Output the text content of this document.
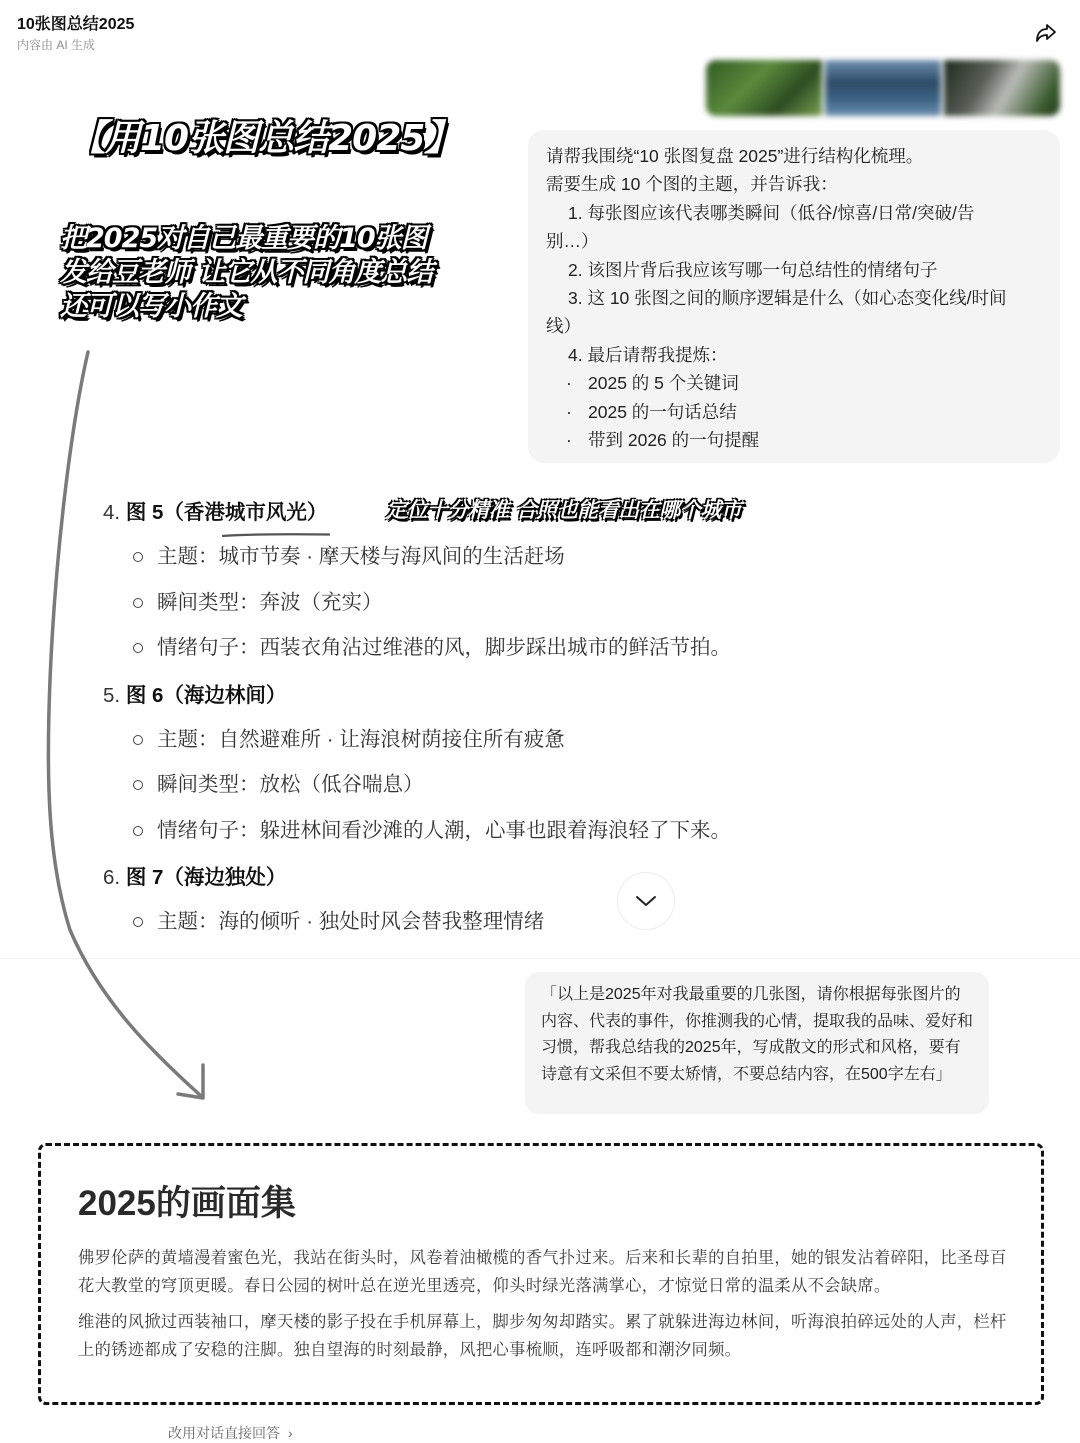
10张图总结2025
内容由 AI 生成
【用10张图总结2025】
把2025对自己最重要的10张图
发给豆老师 让它从不同角度总结
还可以写小作文
请帮我围绕“10 张图复盘 2025”进行结构化梳理。
需要生成 10 个图的主题，并告诉我：
1. 每张图应该代表哪类瞬间（低谷/惊喜/日常/突破/告
别…）
2. 该图片背后我应该写哪一句总结性的情绪句子
3. 这 10 张图之间的顺序逻辑是什么（如心态变化线/时间
线）
4. 最后请帮我提炼：
· 2025 的 5 个关键词
· 2025 的一句话总结
· 带到 2026 的一句提醒
定位十分精准 合照也能看出在哪个城市
4. 图 5（香港城市风光）
主题：城市节奏 · 摩天楼与海风间的生活赶场
瞬间类型：奔波（充实）
情绪句子：西装衣角沾过维港的风，脚步踩出城市的鲜活节拍。
5. 图 6（海边林间）
主题：自然避难所 · 让海浪树荫接住所有疲惫
瞬间类型：放松（低谷喘息）
情绪句子：躲进林间看沙滩的人潮，心事也跟着海浪轻了下来。
6. 图 7（海边独处）
主题：海的倾听 · 独处时风会替我整理情绪
「以上是2025年对我最重要的几张图，请你根据每张图片的内容、代表的事件，你推测我的心情，提取我的品味、爱好和习惯，帮我总结我的2025年，写成散文的形式和风格，要有诗意有文采但不要太矫情，不要总结内容，在500字左右」
2025的画面集

佛罗伦萨的黄墙漫着蜜色光，我站在街头时，风卷着油橄榄的香气扑过来。后来和长辈的自拍里，她的银发沾着碎阳，比圣母百花大教堂的穹顶更暖。春日公园的树叶总在逆光里透亮，仰头时绿光落满掌心，才惊觉日常的温柔从不会缺席。

维港的风掀过西装袖口，摩天楼的影子投在手机屏幕上，脚步匆匆却踏实。累了就躲进海边林间，听海浪拍碎远处的人声，栏杆上的锈迹都成了安稳的注脚。独自望海的时刻最静，风把心事梳顺，连呼吸都和潮汐同频。

改用对话直接回答 ›
